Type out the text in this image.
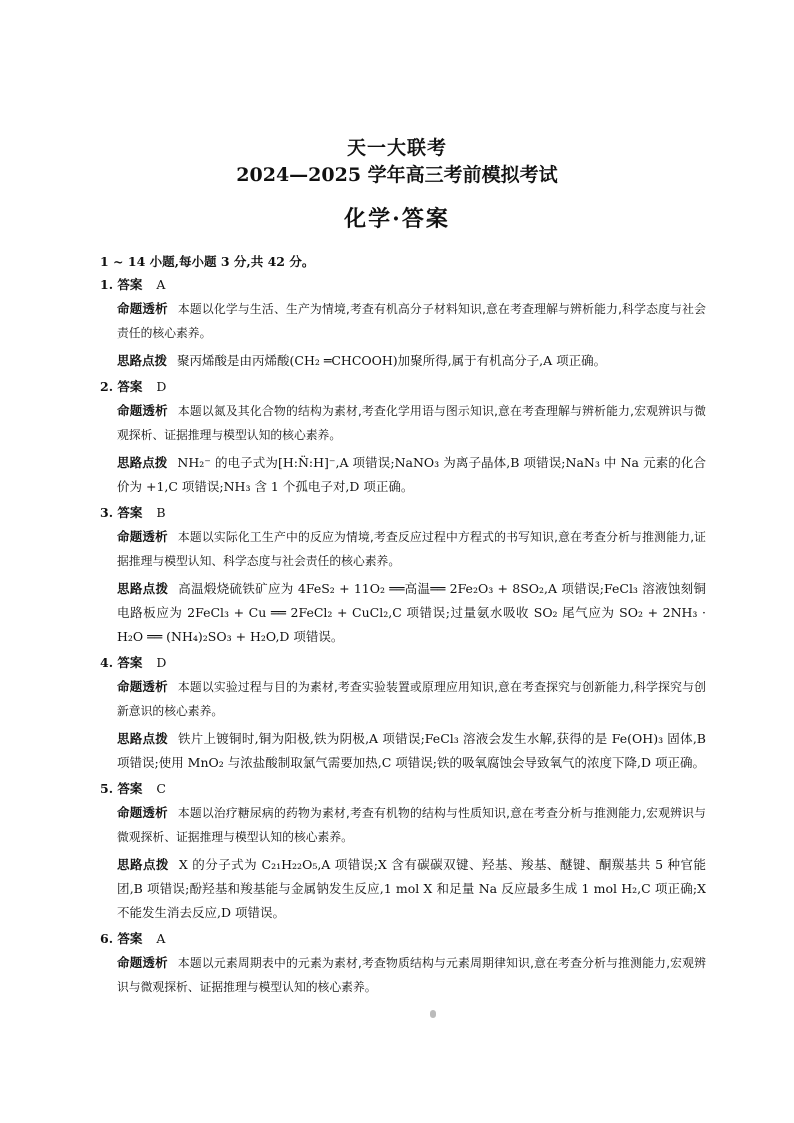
天一大联考
2024—2025 学年高三考前模拟考试
化学·答案
1 ~ 14 小题,每小题 3 分,共 42 分。
1. 答案 A

命题透析 本题以化学与生活、生产为情境,考查有机高分子材料知识,意在考查理解与辨析能力,科学态度与社会责任的核心素养。

思路点拨 聚丙烯酸是由丙烯酸(CH₂ ═CHCOOH)加聚所得,属于有机高分子,A 项正确。

2. 答案 D

命题透析 本题以氮及其化合物的结构为素材,考查化学用语与图示知识,意在考查理解与辨析能力,宏观辨识与微观探析、证据推理与模型认知的核心素养。

思路点拨 NH₂⁻ 的电子式为[H:N̈:H]⁻,A 项错误;NaNO₃ 为离子晶体,B 项错误;NaN₃ 中 Na 元素的化合价为 +1,C 项错误;NH₃ 含 1 个孤电子对,D 项正确。

3. 答案 B

命题透析 本题以实际化工生产中的反应为情境,考查反应过程中方程式的书写知识,意在考查分析与推测能力,证据推理与模型认知、科学态度与社会责任的核心素养。

思路点拨 高温煅烧硫铁矿应为 4FeS₂ + 11O₂ ══高温══ 2Fe₂O₃ + 8SO₂,A 项错误;FeCl₃ 溶液蚀刻铜电路板应为 2FeCl₃ + Cu ══ 2FeCl₂ + CuCl₂,C 项错误;过量氨水吸收 SO₂ 尾气应为 SO₂ + 2NH₃ · H₂O ══ (NH₄)₂SO₃ + H₂O,D 项错误。

4. 答案 D

命题透析 本题以实验过程与目的为素材,考查实验装置或原理应用知识,意在考查探究与创新能力,科学探究与创新意识的核心素养。

思路点拨 铁片上镀铜时,铜为阳极,铁为阴极,A 项错误;FeCl₃ 溶液会发生水解,获得的是 Fe(OH)₃ 固体,B 项错误;使用 MnO₂ 与浓盐酸制取氯气需要加热,C 项错误;铁的吸氧腐蚀会导致氧气的浓度下降,D 项正确。

5. 答案 C

命题透析 本题以治疗糖尿病的药物为素材,考查有机物的结构与性质知识,意在考查分析与推测能力,宏观辨识与微观探析、证据推理与模型认知的核心素养。

思路点拨 X 的分子式为 C₂₁H₂₂O₅,A 项错误;X 含有碳碳双键、羟基、羧基、醚键、酮羰基共 5 种官能团,B 项错误;酚羟基和羧基能与金属钠发生反应,1 mol X 和足量 Na 反应最多生成 1 mol H₂,C 项正确;X 不能发生消去反应,D 项错误。

6. 答案 A

命题透析 本题以元素周期表中的元素为素材,考查物质结构与元素周期律知识,意在考查分析与推测能力,宏观辨识与微观探析、证据推理与模型认知的核心素养。
